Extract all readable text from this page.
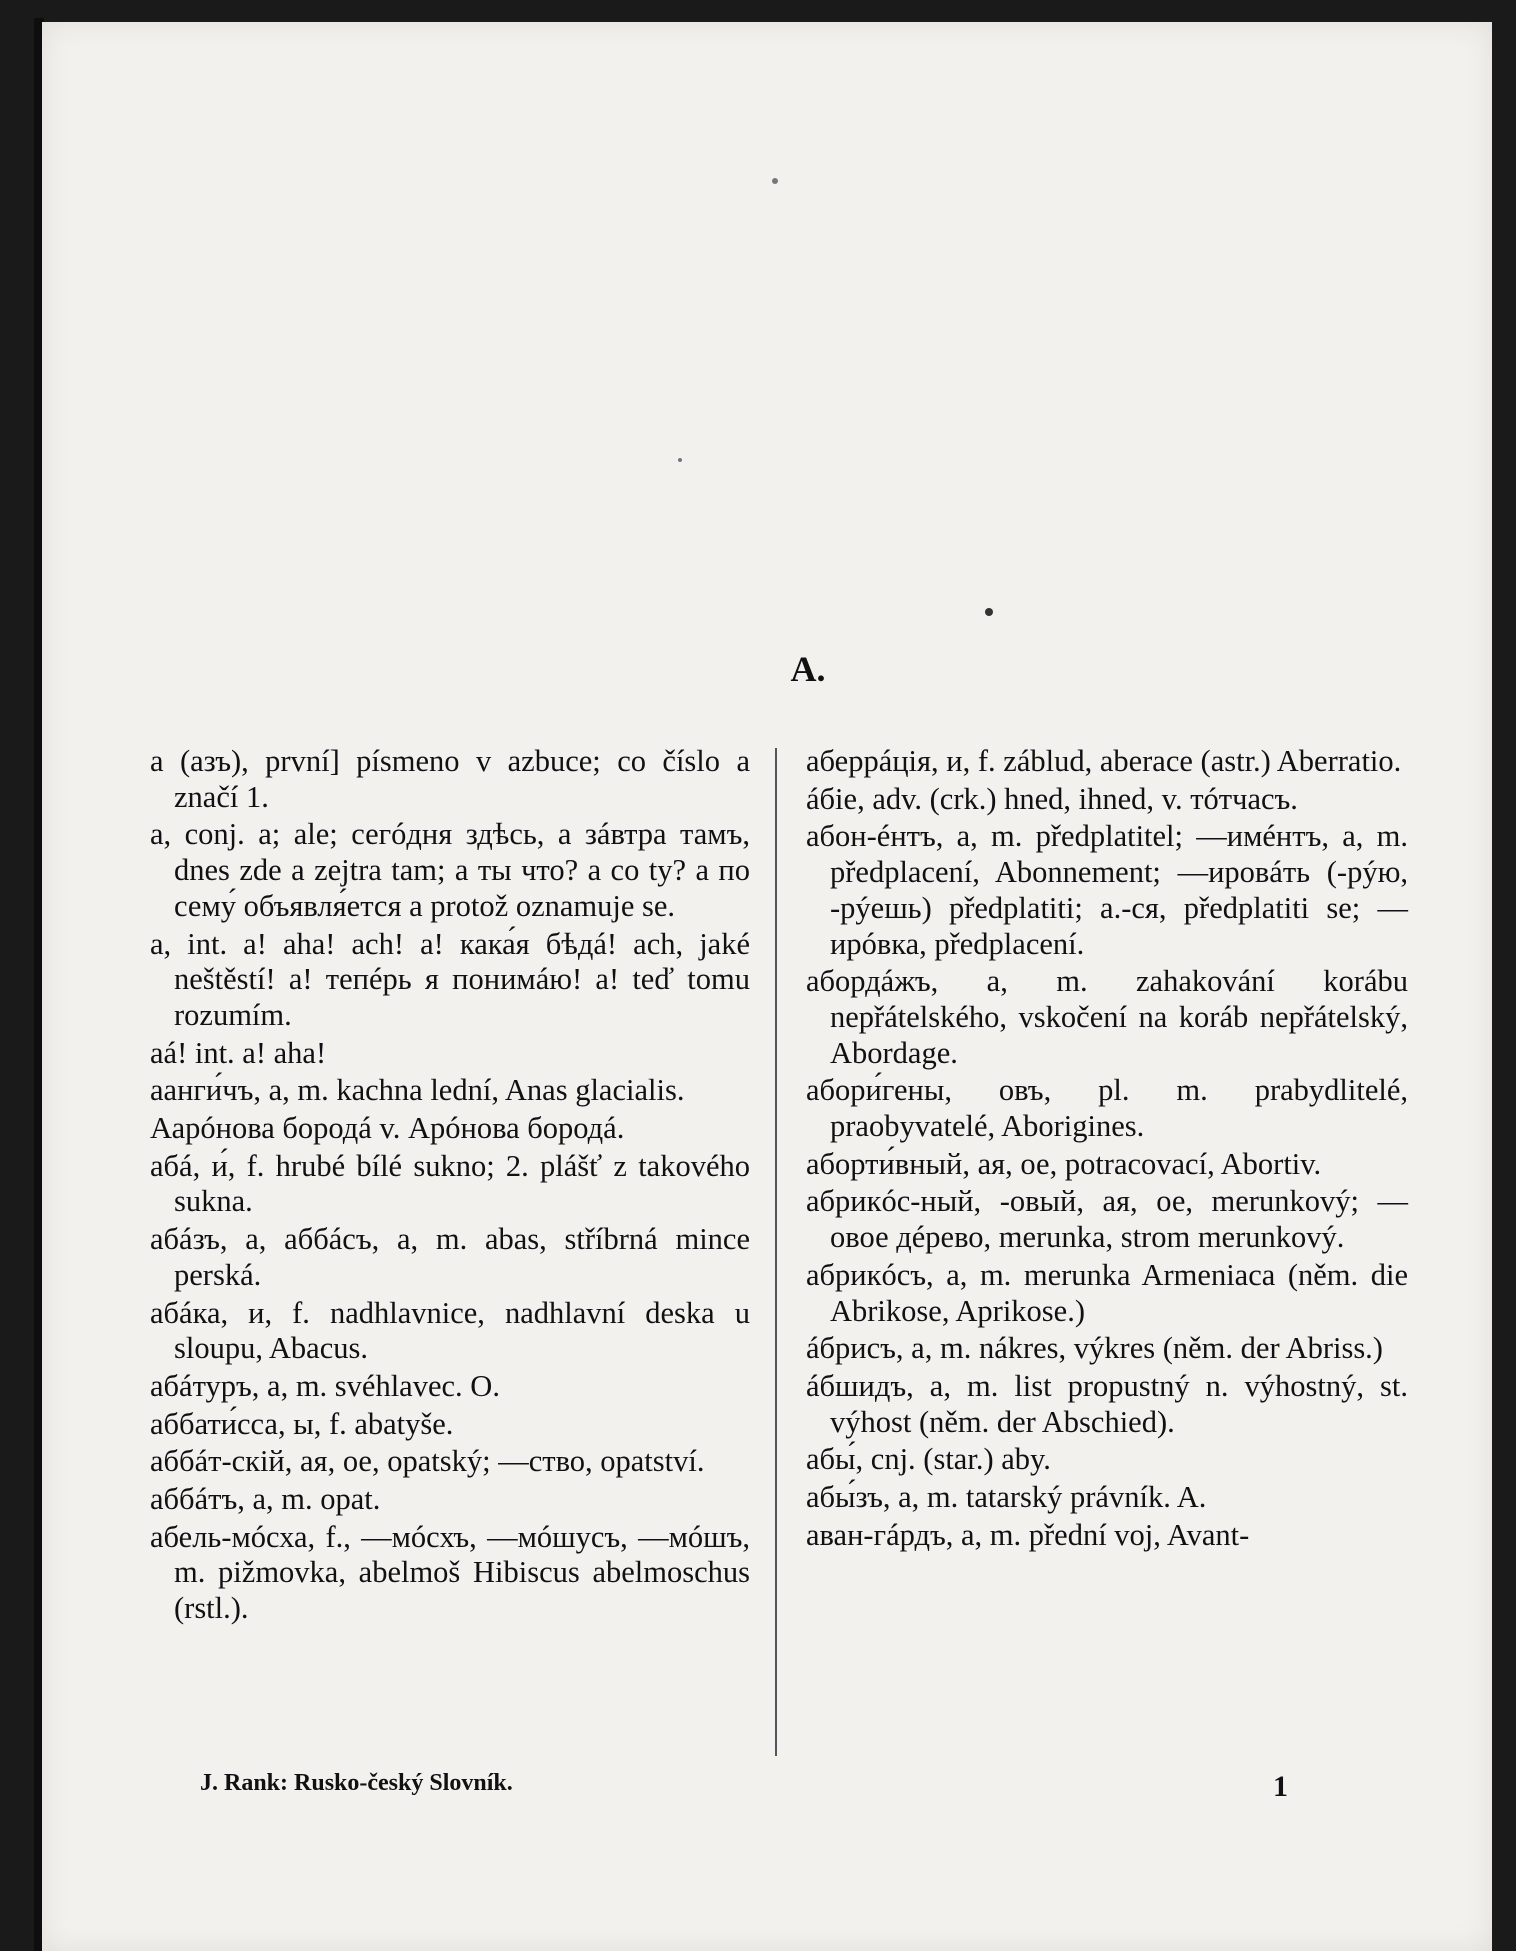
A.

а (азъ), první] písmeno v azbuce; co číslo a značí 1.

а, conj. a; ale; сегóдня здѣсь, а зáвтра тамъ, dnes zde a zejtra tam; а ты что? a co ty? а по сему́ объявля́ется a protož oznamuje se.

а, int. a! aha! ach! a! кака́я бѣдá! ach, jaké neštěstí! a! тепéрь я понимáю! a! teď tomu rozumím.

аá! int. a! aha!

аанги́чъ, а, m. kachna lední, Anas glacialis.

Аарóнова бородá v. Арóнова бородá.

абá, и́, f. hrubé bílé sukno; 2. plášť z takového sukna.

абáзъ, а, аббáсъ, а, m. abas, stříbrná mince perská.

абáка, и, f. nadhlavnice, nadhlavní deska u sloupu, Abacus.

абáтуръ, а, m. svéhlavec. O.

аббати́сса, ы, f. abatyše.

аббáт-скій, ая, ое, opatský; —ство, opatství.

аббáтъ, а, m. opat.

абель-мóсха, f., —мóсхъ, —мóшусъ, —мóшъ, m. pižmovka, abelmoš Hibiscus abelmoschus (rstl.).

аберрáція, и, f. záblud, aberace (astr.) Aberratio.

áбіе, adv. (crk.) hned, ihned, v. тóтчасъ.

абон-éнтъ, а, m. předplatitel; —имéнтъ, а, m. předplacení, Abonnement; —ировáть (-рýю, -рýешь) předplatiti; а.-ся, předplatiti se; —ирóвка, předplacení.

абордáжъ, а, m. zahakování korábu nepřátelského, vskočení na koráb nepřátelský, Abordage.

абори́гены, овъ, pl. m. prabydlitelé, praobyvatelé, Aborigines.

аборти́вный, ая, ое, potracovací, Abortiv.

абрикóс-ный, -овый, ая, ое, merunkový; —овое дéрево, merunka, strom merunkový.

абрикóсъ, а, m. merunka Armeniaca (něm. die Abrikose, Aprikose.)

áбрисъ, а, m. nákres, výkres (něm. der Abriss.)

áбшидъ, а, m. list propustný n. výhostný, st. výhost (něm. der Abschied).

абы́, cnj. (star.) aby.

абы́зъ, а, m. tatarský právník. A.

аван-гáрдъ, а, m. přední voj, Avant-

J. Rank: Rusko-český Slovník.	1
